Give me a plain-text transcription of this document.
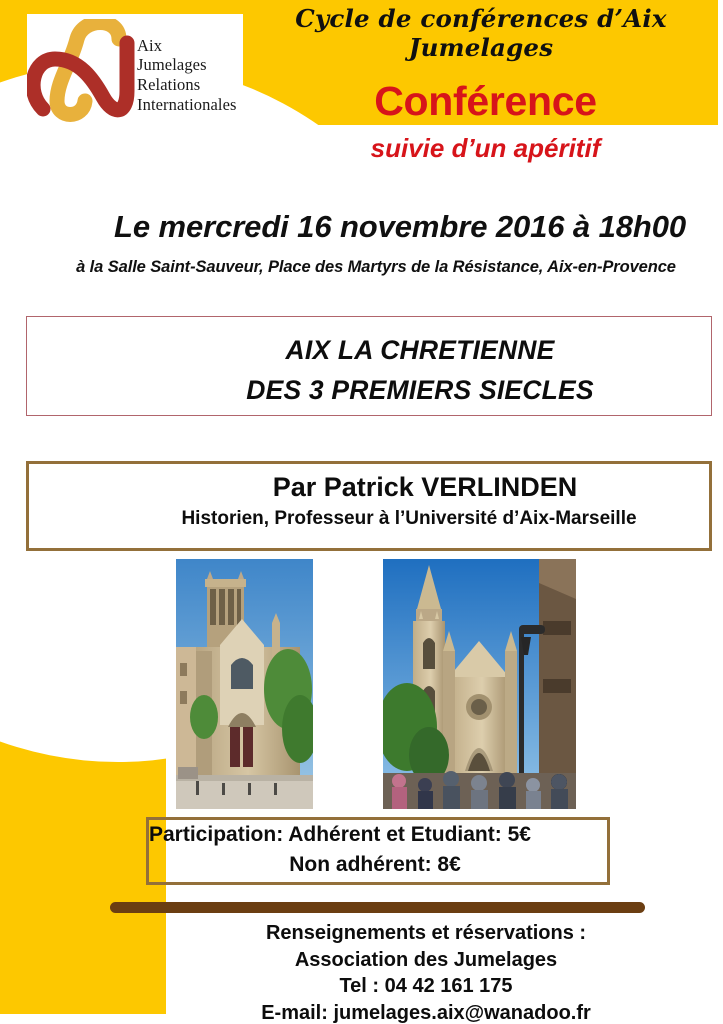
Aix
Jumelages
Relations
Internationales
Cycle de conférences d’Aix Jumelages
Conférence
suivie d’un apéritif
Le mercredi 16 novembre 2016 à 18h00
à la Salle Saint-Sauveur, Place des Martyrs de la Résistance, Aix-en-Provence
AIX LA CHRETIENNE
DES 3 PREMIERS SIECLES
Par Patrick VERLINDEN
Historien, Professeur à l’Université d’Aix-Marseille
Participation: Adhérent et Etudiant: 5€
Non adhérent: 8€
Renseignements et réservations :
Association des Jumelages
Tel : 04 42 161 175
E-mail: jumelages.aix@wanadoo.fr
